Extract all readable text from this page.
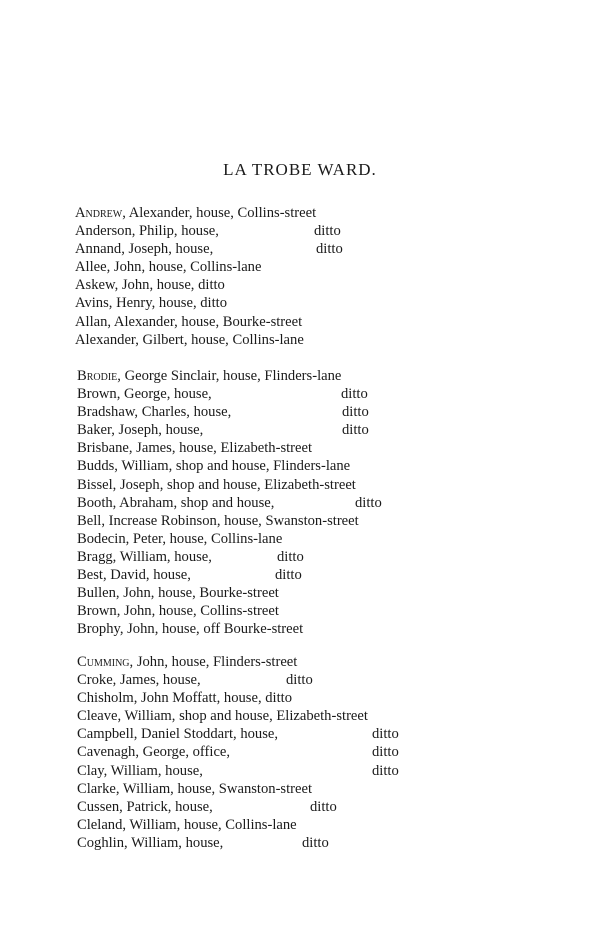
LA TROBE WARD.
Andrew, Alexander, house, Collins-street
Anderson, Philip, house,	ditto
Annand, Joseph, house,	ditto
Allee, John, house, Collins-lane
Askew, John, house, ditto
Avins, Henry, house, ditto
Allan, Alexander, house, Bourke-street
Alexander, Gilbert, house, Collins-lane
Brodie, George Sinclair, house, Flinders-lane
Brown, George, house,	ditto
Bradshaw, Charles, house,	ditto
Baker, Joseph, house,	ditto
Brisbane, James, house, Elizabeth-street
Budds, William, shop and house, Flinders-lane
Bissel, Joseph, shop and house, Elizabeth-street
Booth, Abraham, shop and house,	ditto
Bell, Increase Robinson, house, Swanston-street
Bodecin, Peter, house, Collins-lane
Bragg, William, house,	ditto
Best, David, house,	ditto
Bullen, John, house, Bourke-street
Brown, John, house, Collins-street
Brophy, John, house, off Bourke-street
Cumming, John, house, Flinders-street
Croke, James, house,	ditto
Chisholm, John Moffatt, house, ditto
Cleave, William, shop and house, Elizabeth-street
Campbell, Daniel Stoddart, house,	ditto
Cavenagh, George, office,	ditto
Clay, William, house,	ditto
Clarke, William, house, Swanston-street
Cussen, Patrick, house,	ditto
Cleland, William, house, Collins-lane
Coghlin, William, house,	ditto
